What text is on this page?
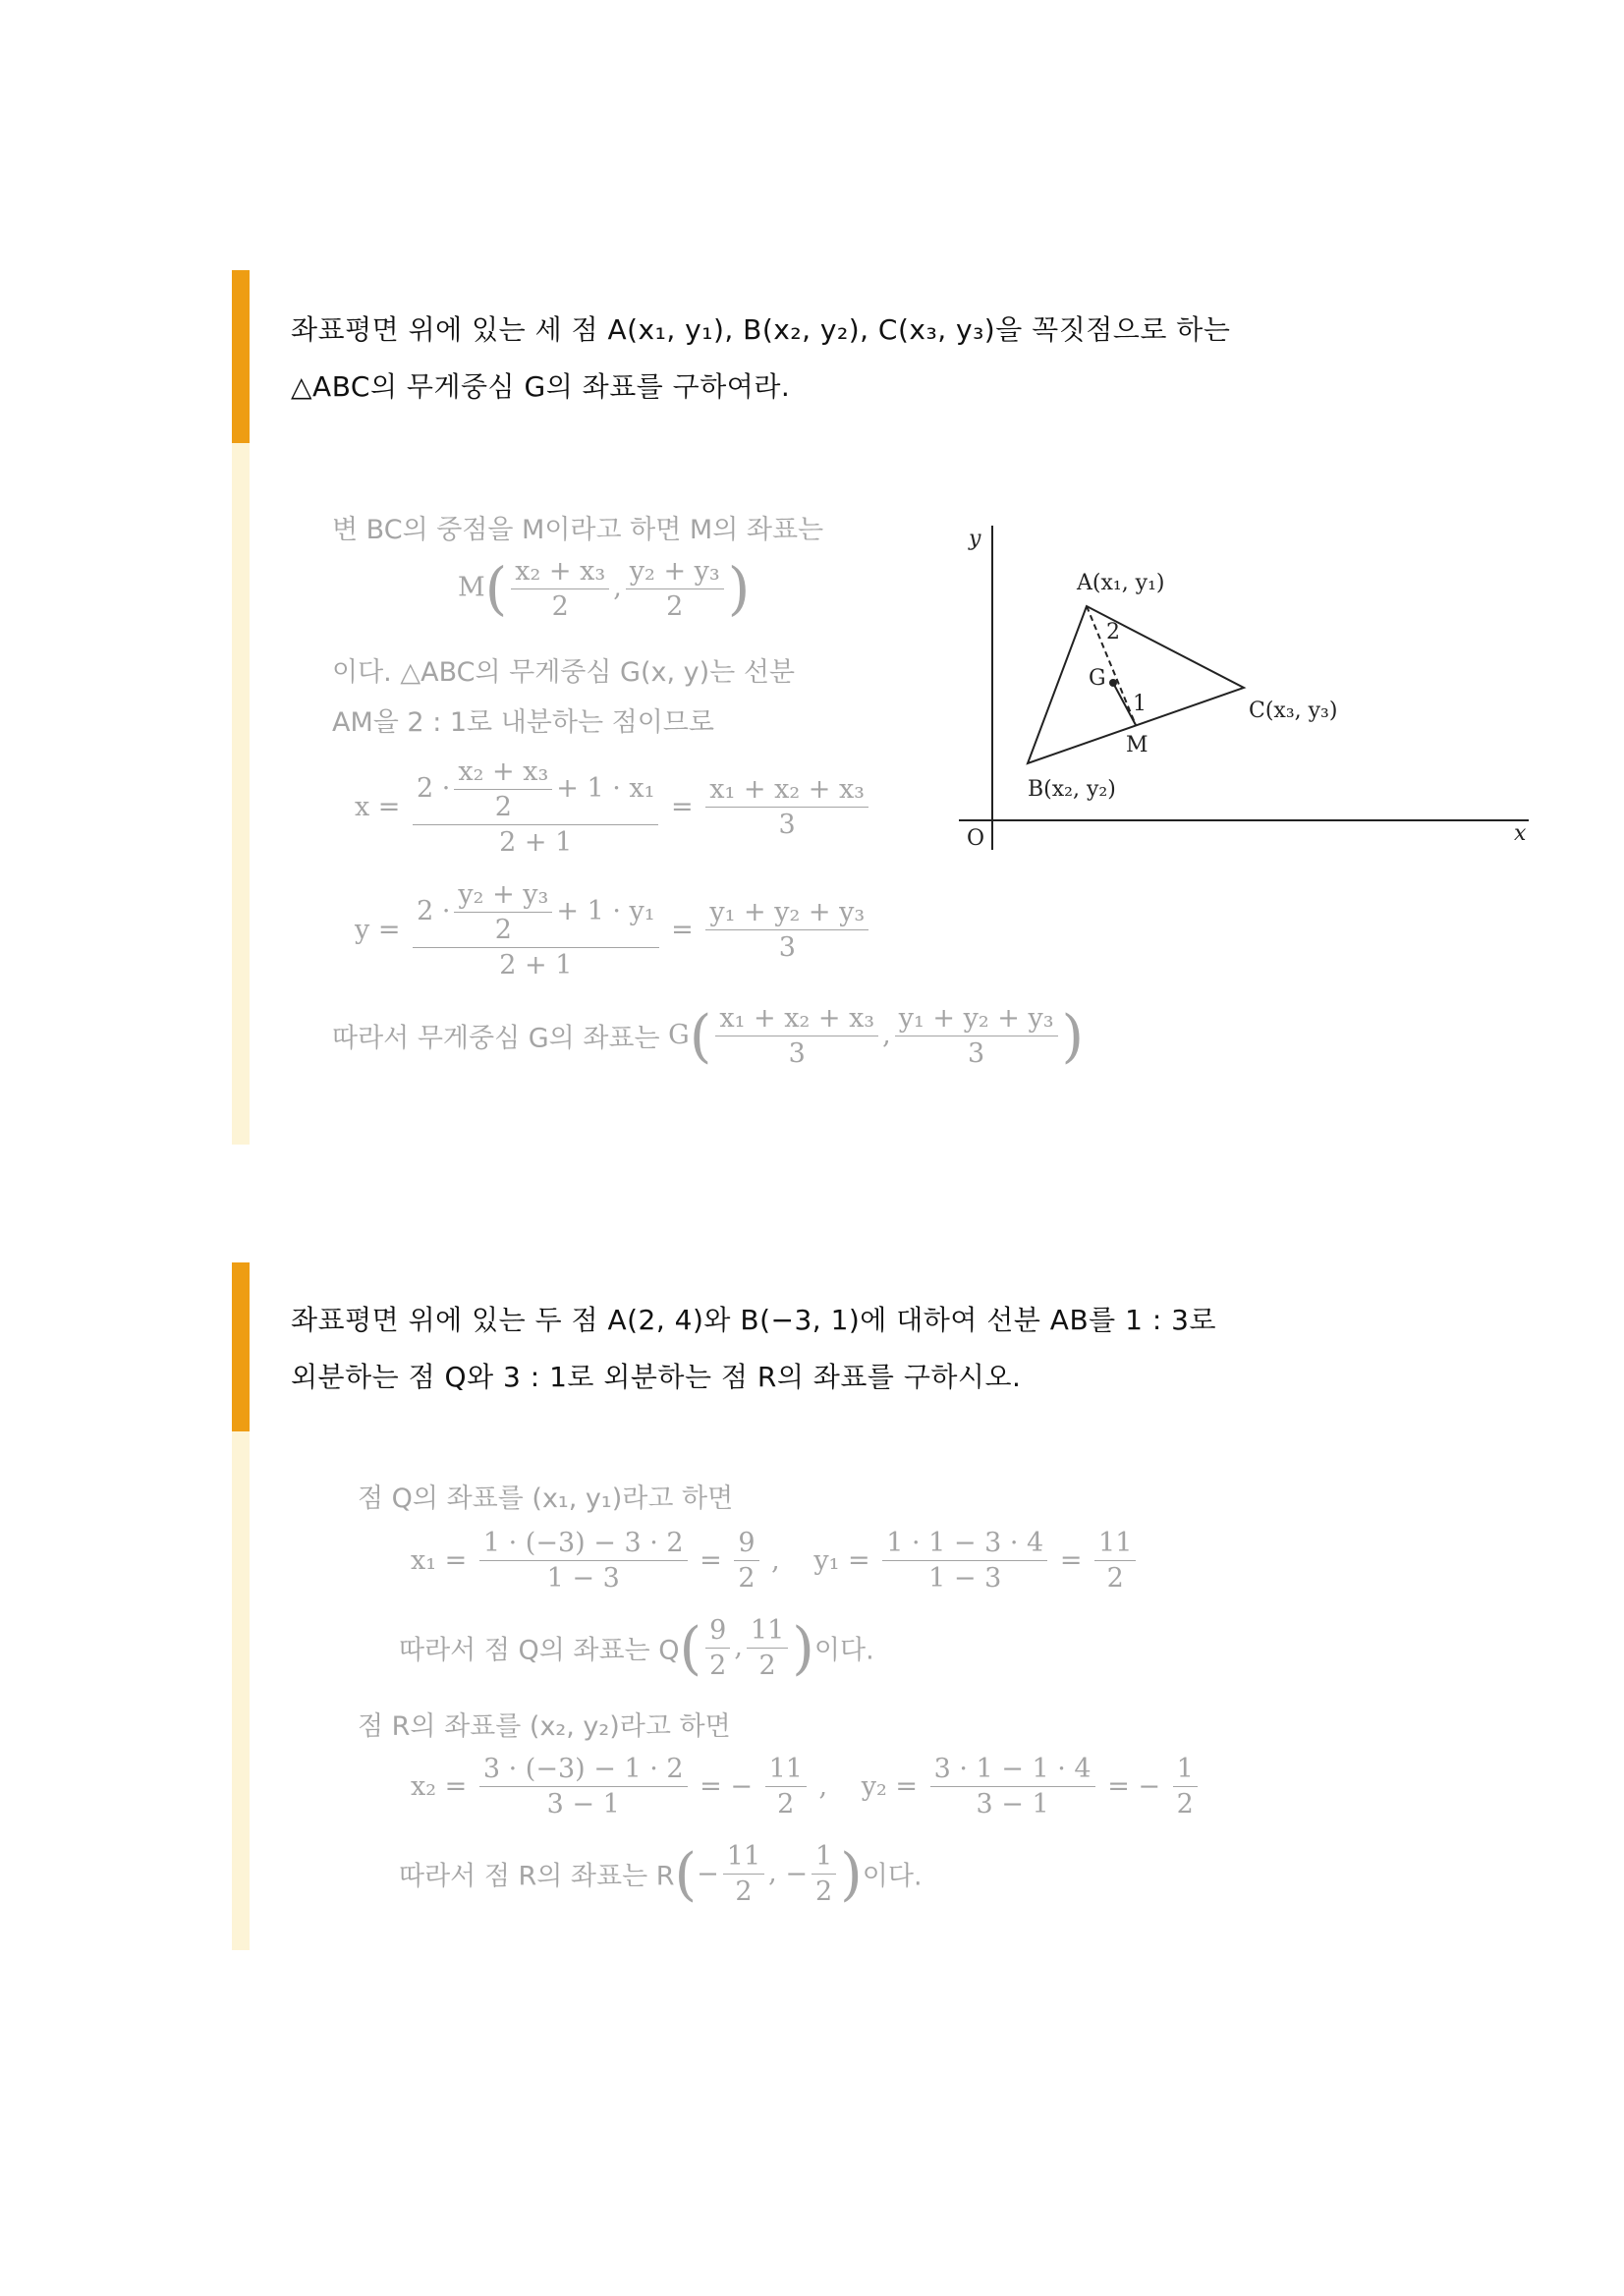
좌표평면 위에 있는 세 점 A(x₁, y₁), B(x₂, y₂), C(x₃, y₃)을 꼭짓점으로 하는
△ABC의 무게중심 G의 좌표를 구하여라.
변 BC의 중점을 M이라고 하면 M의 좌표는
$M( \frac{\text{x₂ + x₃}}{2}$ , $\frac{\text{y₂ + y₃}}{2}$ )
이다. △ABC의 무게중심 G(x, y)는 선분
AM을 2 : 1로 내분하는 점이므로
$x = \frac{2 \cdot \frac{\text{x₂ + x₃}}{2} + 1 \cdot x_1}{2 + 1} = \frac{\text{x₁ + x₂ + x₃}}{3}$
$y = \frac{2 \cdot \frac{\text{y₂ + y₃}}{2} + 1 \cdot y_1}{2 + 1} = \frac{\text{y₁ + y₂ + y₃}}{3}$
따라서 무게중심 G의 좌표는 $G( \frac{\text{x₁ + x₂ + x₃}}{3}$ , $\frac{\text{y₁ + y₂ + y₃}}{3}$ )
y
x
O
A(x₁, y₁)
B(x₂, y₂)
C(x₃, y₃)
G
M
2
1
좌표평면 위에 있는 두 점 A(2, 4)와 B(−3, 1)에 대하여 선분 AB를 1 : 3로
외분하는 점 Q와 3 : 1로 외분하는 점 R의 좌표를 구하시오.
점 Q의 좌표를 (x₁, y₁)라고 하면
$x_1 = \frac{1 \cdot (-3) - 3 \cdot 2}{1 - 3} = \frac{9}{2}$ , $y_1 = \frac{1 \cdot 1 - 3 \cdot 4}{1 - 3} = \frac{11}{2}$
따라서 점 Q의 좌표는 $Q( \frac{9}{2}$ , $\frac{11}{2}$ )이다.
점 R의 좌표를 (x₂, y₂)라고 하면
$x_2 = \frac{3 \cdot (-3) - 1 \cdot 2}{3 - 1}$ = − $\frac{11}{2}$ , $y_2 = \frac{3 \cdot 1 - 1 \cdot 4}{3 - 1}$ = − $\frac{1}{2}$
따라서 점 R의 좌표는 $R(- \frac{11}{2}$ , − $\frac{1}{2}$ )이다.
